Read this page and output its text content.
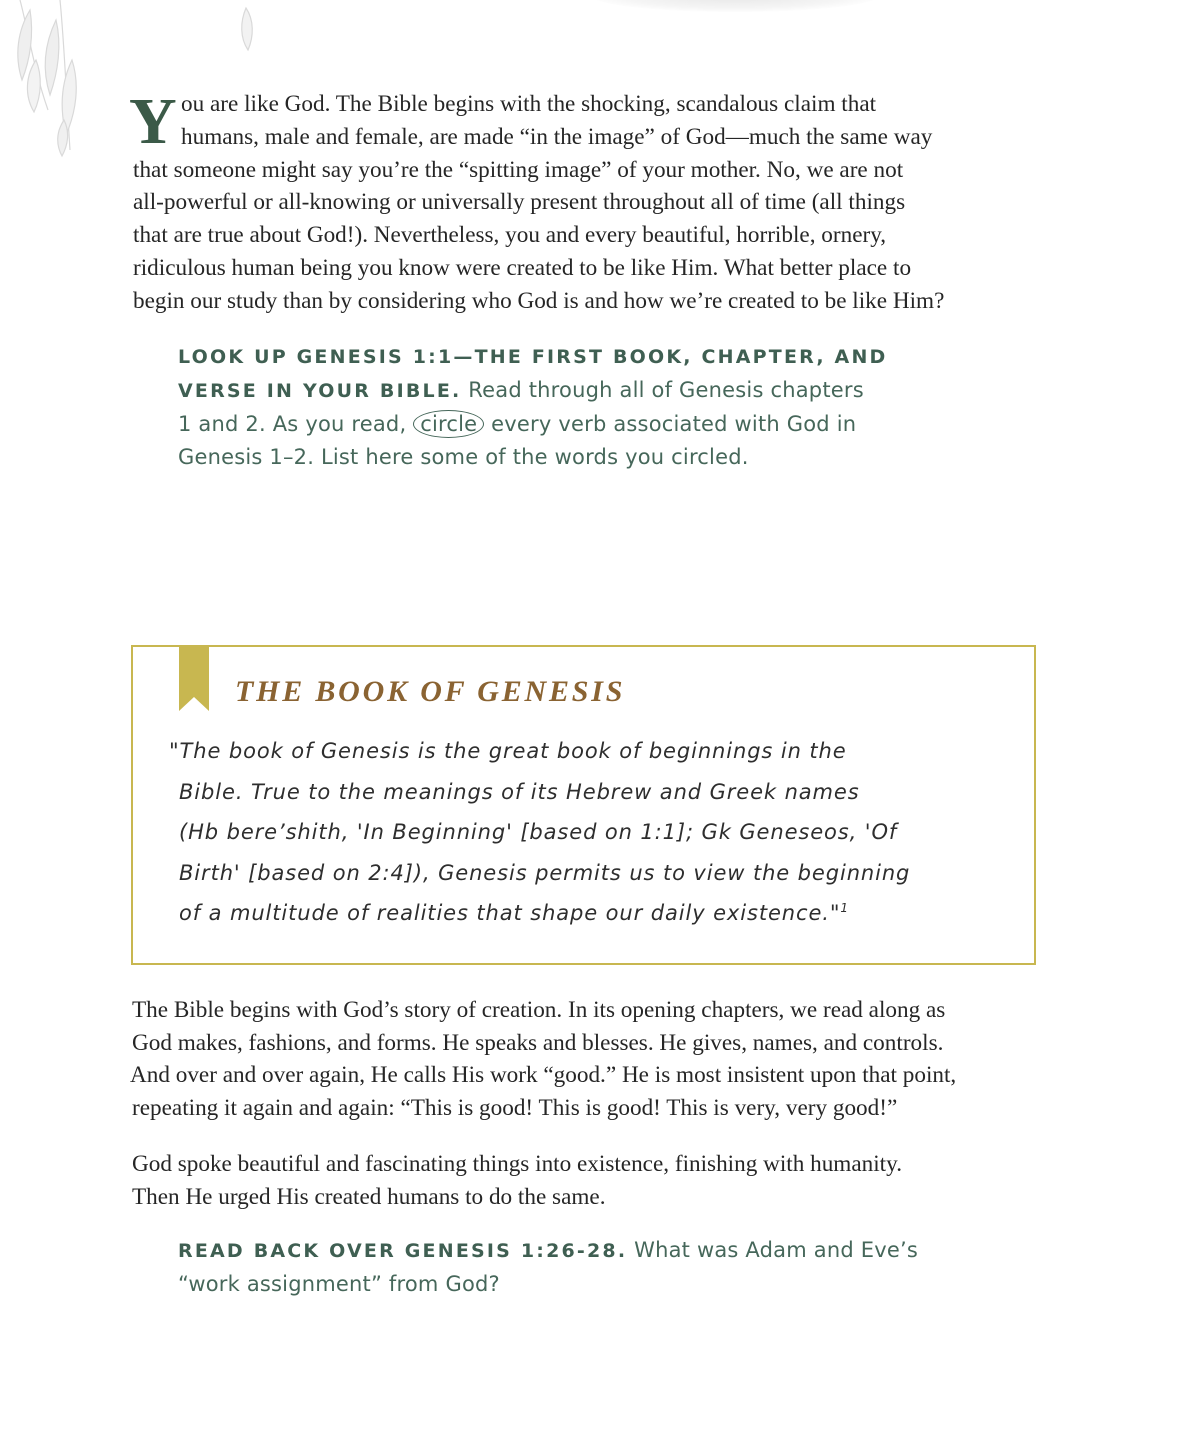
Y ou are like God. The Bible begins with the shocking, scandalous claim that
humans, male and female, are made “in the image” of God—much the same way
that someone might say you’re the “spitting image” of your mother. No, we are not
all-powerful or all-knowing or universally present throughout all of time (all things
that are true about God!). Nevertheless, you and every beautiful, horrible, ornery,
ridiculous human being you know were created to be like Him. What better place to
begin our study than by considering who God is and how we’re created to be like Him?
LOOK UP GENESIS 1:1—THE FIRST BOOK, CHAPTER, AND
VERSE IN YOUR BIBLE. Read through all of Genesis chapters
1 and 2. As you read, circle every verb associated with God in
Genesis 1–2. List here some of the words you circled.
THE BOOK OF GENESIS
"The book of Genesis is the great book of beginnings in the
Bible. True to the meanings of its Hebrew and Greek names
(Hb bere’shith, 'In Beginning' [based on 1:1]; Gk Geneseos, 'Of
Birth' [based on 2:4]), Genesis permits us to view the beginning
of a multitude of realities that shape our daily existence."$^1$
The Bible begins with God’s story of creation. In its opening chapters, we read along as
God makes, fashions, and forms. He speaks and blesses. He gives, names, and controls.
And over and over again, He calls His work “good.” He is most insistent upon that point,
repeating it again and again: “This is good! This is good! This is very, very good!”
God spoke beautiful and fascinating things into existence, finishing with humanity.
Then He urged His created humans to do the same.
READ BACK OVER GENESIS 1:26-28. What was Adam and Eve’s
“work assignment” from God?
